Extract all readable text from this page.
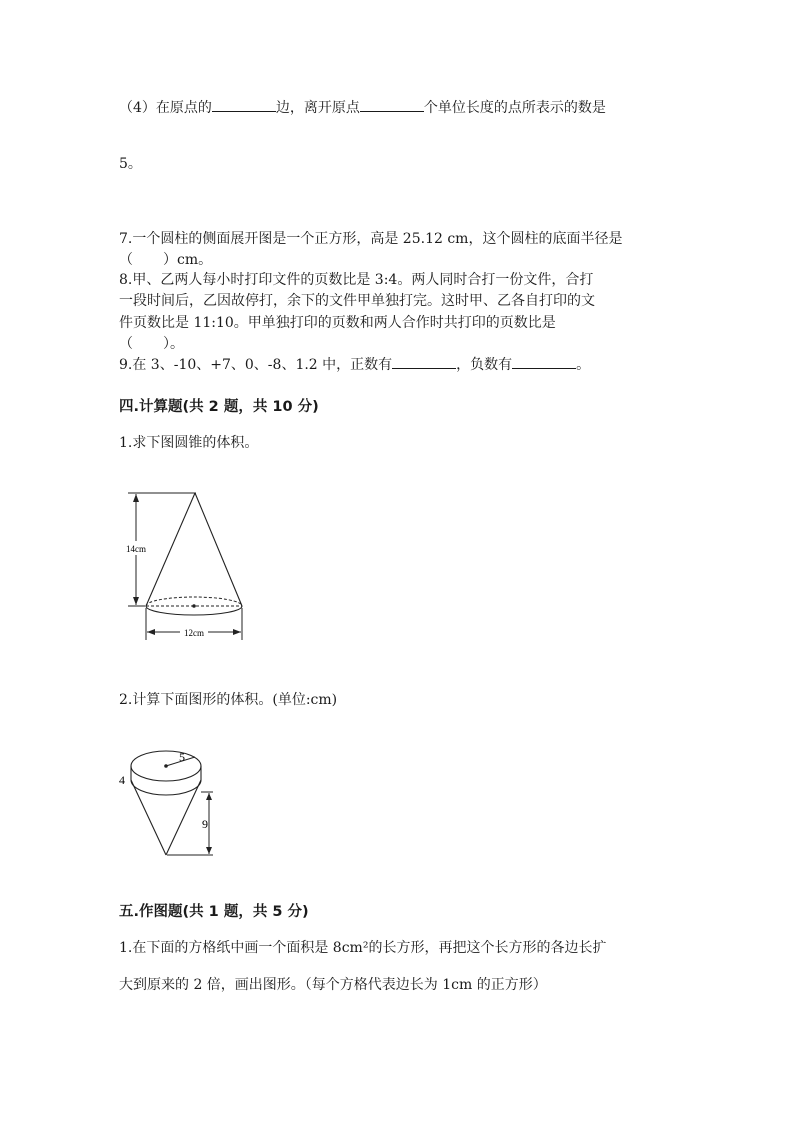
（4）在原点的	边，离开原点	个单位长度的点所表示的数是
5。
7.一个圆柱的侧面展开图是一个正方形，高是 25.12 cm，这个圆柱的底面半径是
（ ）cm。
8.甲、乙两人每小时打印文件的页数比是 3:4。两人同时合打一份文件，合打
一段时间后，乙因故停打，余下的文件甲单独打完。这时甲、乙各自打印的文
件页数比是 11:10。甲单独打印的页数和两人合作时共打印的页数比是
（ ）。
9.在 3、-10、+7、0、-8、1.2 中，正数有	，负数有	。
四.计算题(共 2 题，共 10 分)
1.求下图圆锥的体积。
14cm
12cm
2.计算下面图形的体积。(单位:cm)
5
4
9
五.作图题(共 1 题，共 5 分)
1.在下面的方格纸中画一个面积是 8cm²的长方形，再把这个长方形的各边长扩
大到原来的 2 倍，画出图形。（每个方格代表边长为 1cm 的正方形）
